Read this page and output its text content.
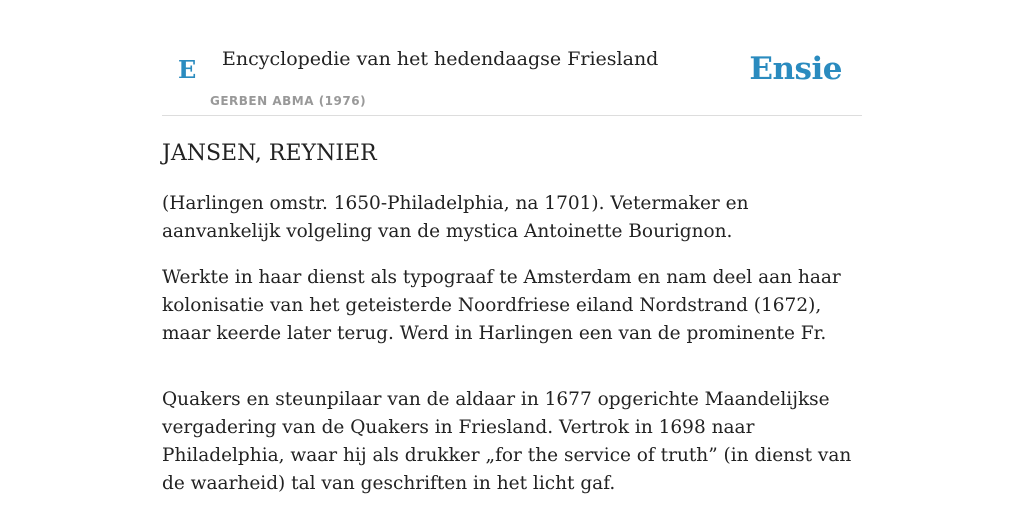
E Encyclopedie van het hedendaagse Friesland
GERBEN ABMA (1976)
Ensie
JANSEN, REYNIER

(Harlingen omstr. 1650-Philadelphia, na 1701). Vetermaker en aanvankelijk volgeling van de mystica Antoinette Bourignon.

Werkte in haar dienst als typograaf te Amsterdam en nam deel aan haar kolonisatie van het geteisterde Noordfriese eiland Nordstrand (1672), maar keerde later terug. Werd in Harlingen een van de prominente Fr.

Quakers en steunpilaar van de aldaar in 1677 opgerichte Maandelijkse vergadering van de Quakers in Friesland. Vertrok in 1698 naar Philadelphia, waar hij als drukker „for the service of truth” (in dienst van de waarheid) tal van geschriften in het licht gaf.
